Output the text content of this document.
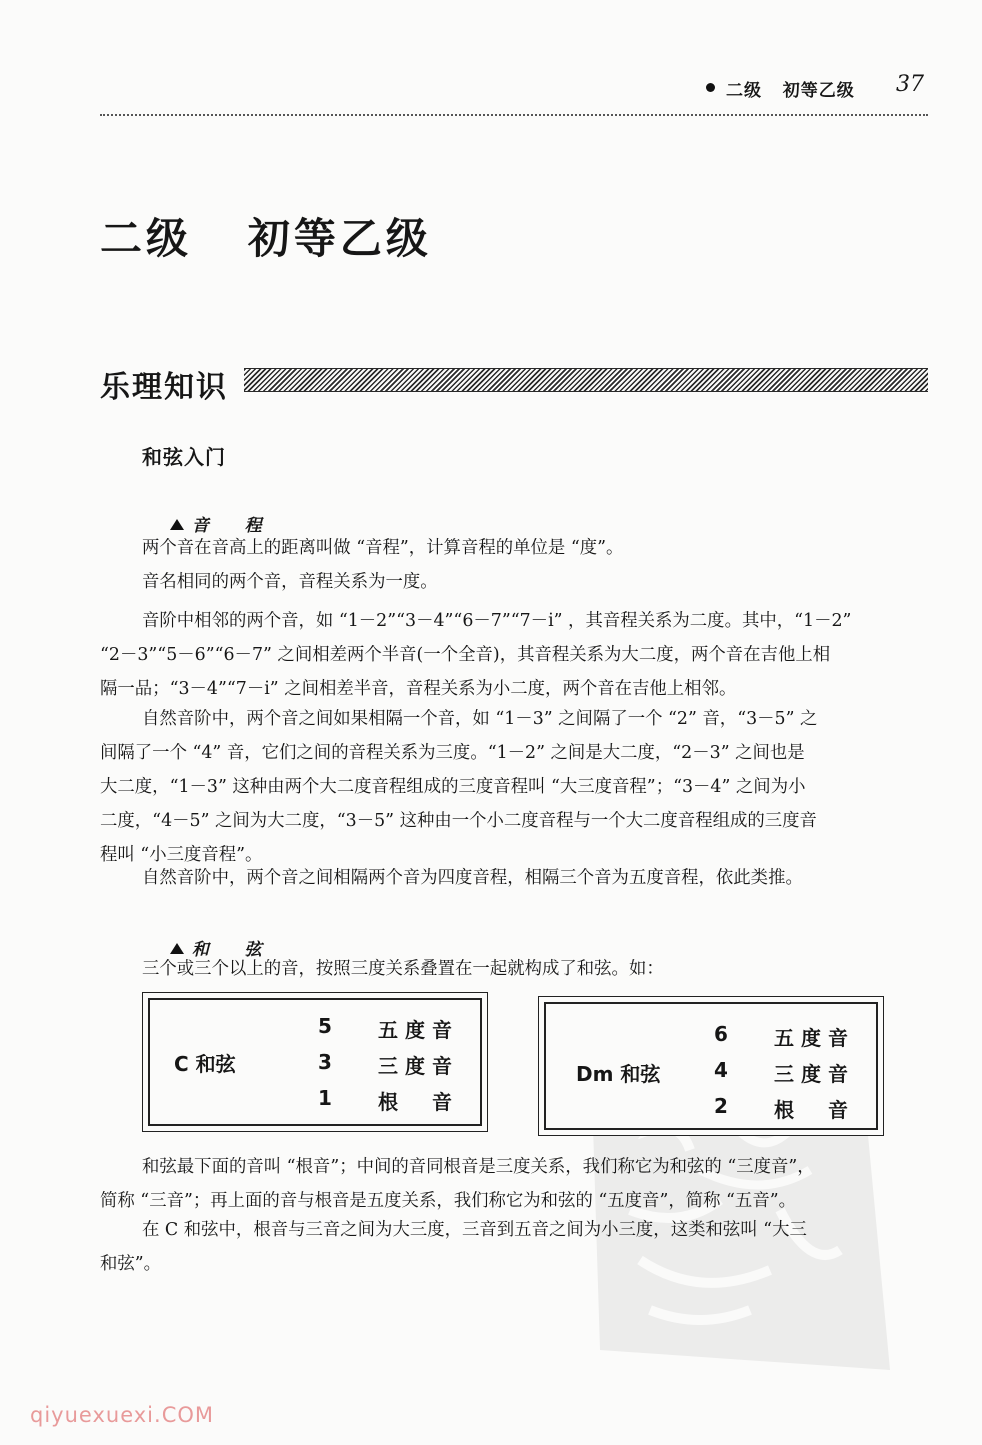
二级   初等乙级 37
二级   初等乙级
乐理知识
和弦入门

音  程

两个音在音高上的距离叫做 “音程”，计算音程的单位是 “度”。
音名相同的两个音，音程关系为一度。
音阶中相邻的两个音，如 “1－2”“3－4”“6－7”“7－i̇” ，其音程关系为二度。其中，“1－2”
“2－3”“5－6”“6－7” 之间相差两个半音(一个全音)，其音程关系为大二度，两个音在吉他上相
隔一品；“3－4”“7－i̇” 之间相差半音，音程关系为小二度，两个音在吉他上相邻。
自然音阶中，两个音之间如果相隔一个音，如 “1－3” 之间隔了一个 “2” 音，“3－5” 之
间隔了一个 “4” 音，它们之间的音程关系为三度。“1－2” 之间是大二度，“2－3” 之间也是
大二度，“1－3” 这种由两个大二度音程组成的三度音程叫 “大三度音程”；“3－4” 之间为小
二度，“4－5” 之间为大二度，“3－5” 这种由一个小二度音程与一个大二度音程组成的三度音
程叫 “小三度音程”。
自然音阶中，两个音之间相隔两个音为四度音程，相隔三个音为五度音程，依此类推。

和  弦

三个或三个以上的音，按照三度关系叠置在一起就构成了和弦。如：
C 和弦
5 五度音
3 三度音
1 根音
Dm 和弦
6 五度音
4 三度音
2 根音
和弦最下面的音叫 “根音”；中间的音同根音是三度关系，我们称它为和弦的 “三度音”，
简称 “三音”；再上面的音与根音是五度关系，我们称它为和弦的 “五度音”，简称 “五音”。
在 C 和弦中，根音与三音之间为大三度，三音到五音之间为小三度，这类和弦叫 “大三
和弦”。
qiyuexuexi.COM
